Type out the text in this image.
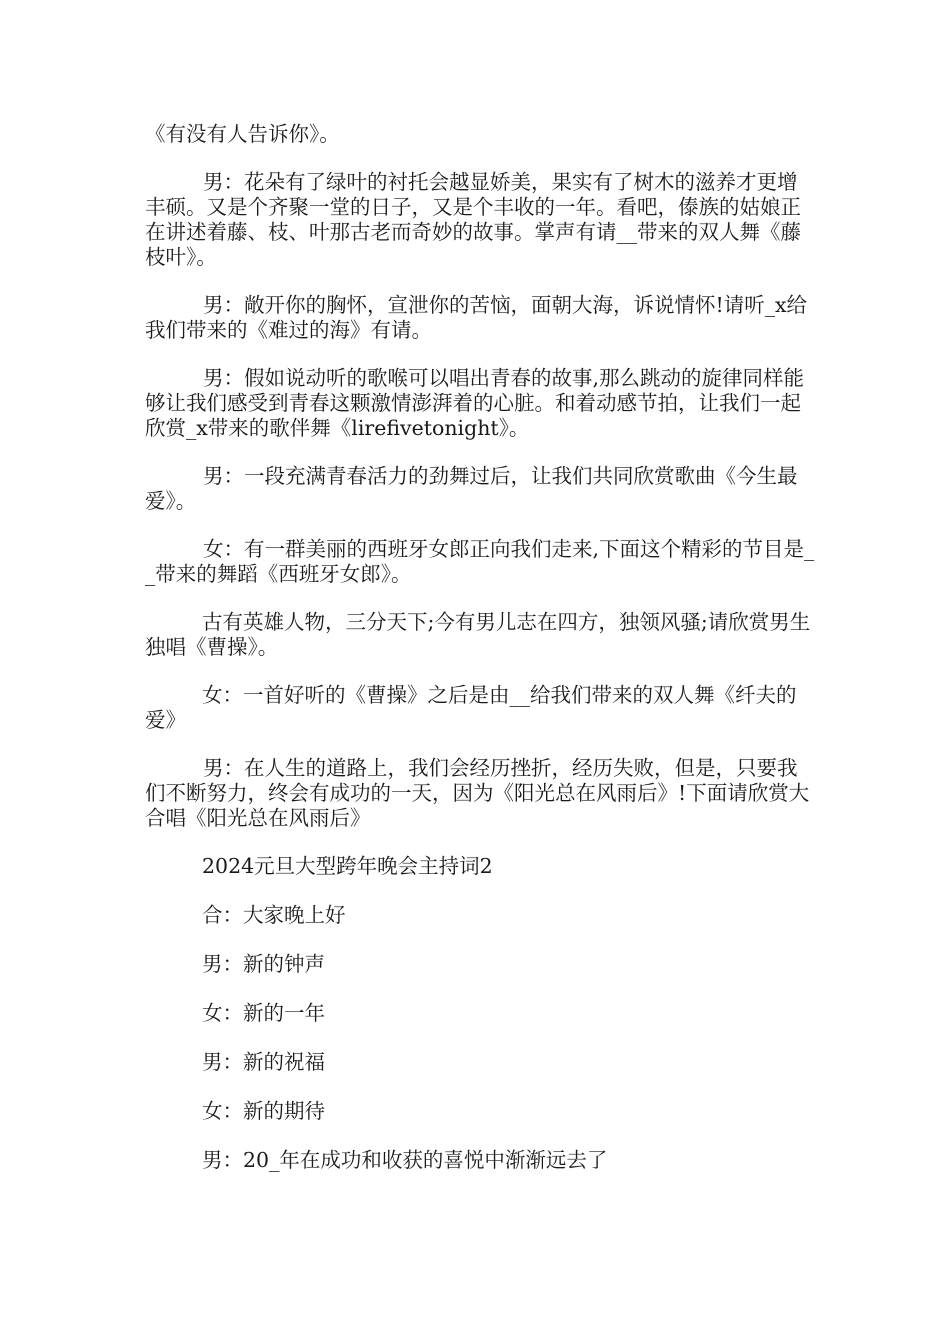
《有没有人告诉你》。

男：花朵有了绿叶的衬托会越显娇美，果实有了树木的滋养才更增丰硕。又是个齐聚一堂的日子，又是个丰收的一年。看吧，傣族的姑娘正在讲述着藤、枝、叶那古老而奇妙的故事。掌声有请__带来的双人舞《藤枝叶》。

男：敞开你的胸怀，宣泄你的苦恼，面朝大海，诉说情怀!请听_x给我们带来的《难过的海》有请。

男：假如说动听的歌喉可以唱出青春的故事,那么跳动的旋律同样能够让我们感受到青春这颗激情澎湃着的心脏。和着动感节拍，让我们一起欣赏_x带来的歌伴舞《lirefivetonight》。

男：一段充满青春活力的劲舞过后，让我们共同欣赏歌曲《今生最爱》。

女：有一群美丽的西班牙女郎正向我们走来,下面这个精彩的节目是__带来的舞蹈《西班牙女郎》。

古有英雄人物，三分天下;今有男儿志在四方，独领风骚;请欣赏男生独唱《曹操》。

女：一首好听的《曹操》之后是由__给我们带来的双人舞《纤夫的爱》

男：在人生的道路上，我们会经历挫折，经历失败，但是，只要我们不断努力，终会有成功的一天，因为《阳光总在风雨后》!下面请欣赏大合唱《阳光总在风雨后》

2024元旦大型跨年晚会主持词2

合：大家晚上好

男：新的钟声

女：新的一年

男：新的祝福

女：新的期待

男：20_年在成功和收获的喜悦中渐渐远去了
